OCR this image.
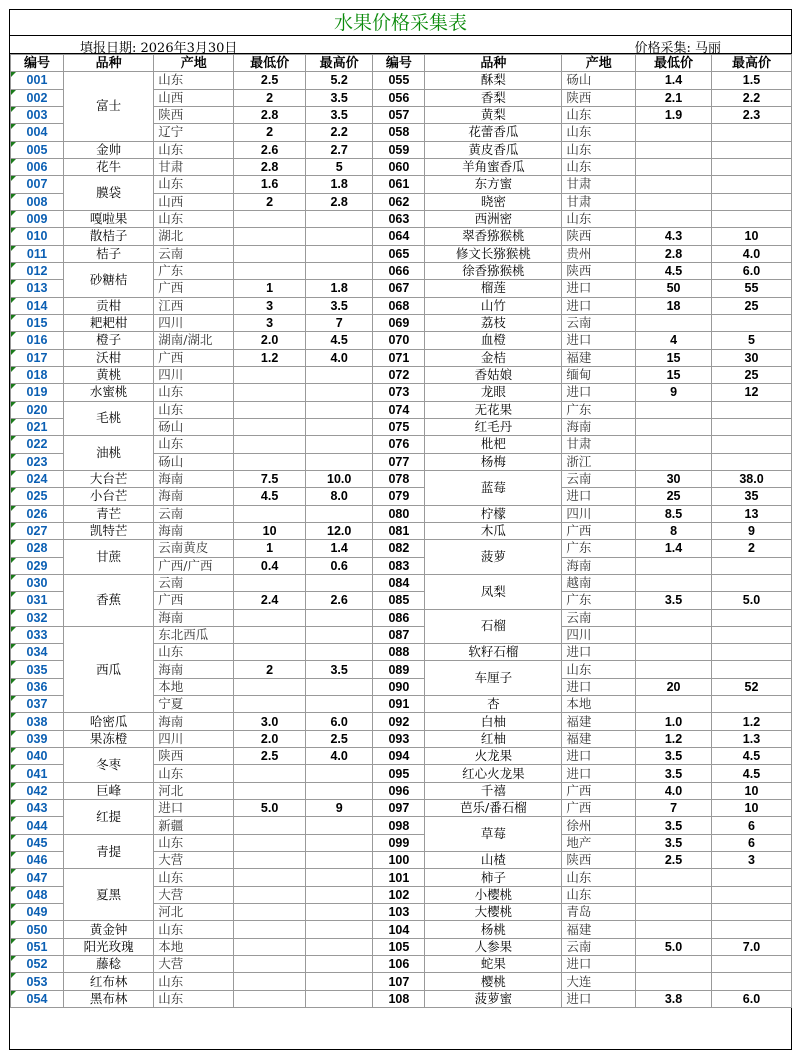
水果价格采集表
填报日期: 2026年3月30日	价格采集: 马丽
编号	品种	产地	最低价	最高价	编号	品种	产地	最低价	最高价
001	富士	山东	2.5	5.2	055	酥梨	砀山	1.4	1.5
002		山西	2	3.5	056	香梨	陕西	2.1	2.2
003		陕西	2.8	3.5	057	黄梨	山东	1.9	2.3
004		辽宁	2	2.2	058	花蕾香瓜	山东		
005	金帅	山东	2.6	2.7	059	黄皮香瓜	山东		
006	花牛	甘肃	2.8	5	060	羊角蜜香瓜	山东		
007	膜袋	山东	1.6	1.8	061	东方蜜	甘肃		
008		山西	2	2.8	062	晓密	甘肃		
009	嘎啦果	山东			063	西洲密	山东		
010	散桔子	湖北			064	翠香猕猴桃	陕西	4.3	10
011	桔子	云南			065	修文长猕猴桃	贵州	2.8	4.0
012	砂糖桔	广东			066	徐香猕猴桃	陕西	4.5	6.0
013		广西	1	1.8	067	榴莲	进口	50	55
014	贡柑	江西	3	3.5	068	山竹	进口	18	25
015	耙耙柑	四川	3	7	069	荔枝	云南		
016	橙子	湖南/湖北	2.0	4.5	070	血橙	进口	4	5
017	沃柑	广西	1.2	4.0	071	金桔	福建	15	30
018	黄桃	四川			072	香姑娘	缅甸	15	25
019	水蜜桃	山东			073	龙眼	进口	9	12
020	毛桃	山东			074	无花果	广东		
021		砀山			075	红毛丹	海南		
022	油桃	山东			076	枇杷	甘肃		
023		砀山			077	杨梅	浙江		
024	大台芒	海南	7.5	10.0	078	蓝莓	云南	30	38.0
025	小台芒	海南	4.5	8.0	079		进口	25	35
026	青芒	云南			080	柠檬	四川	8.5	13
027	凯特芒	海南	10	12.0	081	木瓜	广西	8	9
028	甘蔗	云南黄皮	1	1.4	082	菠萝	广东	1.4	2
029		广西/广西	0.4	0.6	083		海南		
030	香蕉	云南			084	凤梨	越南		
031		广西	2.4	2.6	085		广东	3.5	5.0
032		海南			086	石榴	云南		
033	西瓜	东北西瓜			087		四川		
034		山东			088	软籽石榴	进口		
035		海南	2	3.5	089	车厘子	山东		
036		本地			090		进口	20	52
037		宁夏			091	杏	本地		
038	哈密瓜	海南	3.0	6.0	092	白柚	福建	1.0	1.2
039	果冻橙	四川	2.0	2.5	093	红柚	福建	1.2	1.3
040	冬枣	陕西	2.5	4.0	094	火龙果	进口	3.5	4.5
041		山东			095	红心火龙果	进口	3.5	4.5
042	巨峰	河北			096	千禧	广西	4.0	10
043	红提	进口	5.0	9	097	芭乐/番石榴	广西	7	10
044		新疆			098	草莓	徐州	3.5	6
045	青提	山东			099		地产	3.5	6
046		大营			100	山楂	陕西	2.5	3
047	夏黑	山东			101	柿子	山东		
048		大营			102	小樱桃	山东		
049		河北			103	大樱桃	青岛		
050	黄金钟	山东			104	杨桃	福建		
051	阳光玫瑰	本地			105	人参果	云南	5.0	7.0
052	藤稔	大营			106	蛇果	进口		
053	红布林	山东			107	樱桃	大连		
054	黑布林	山东			108	菠萝蜜	进口	3.8	6.0
